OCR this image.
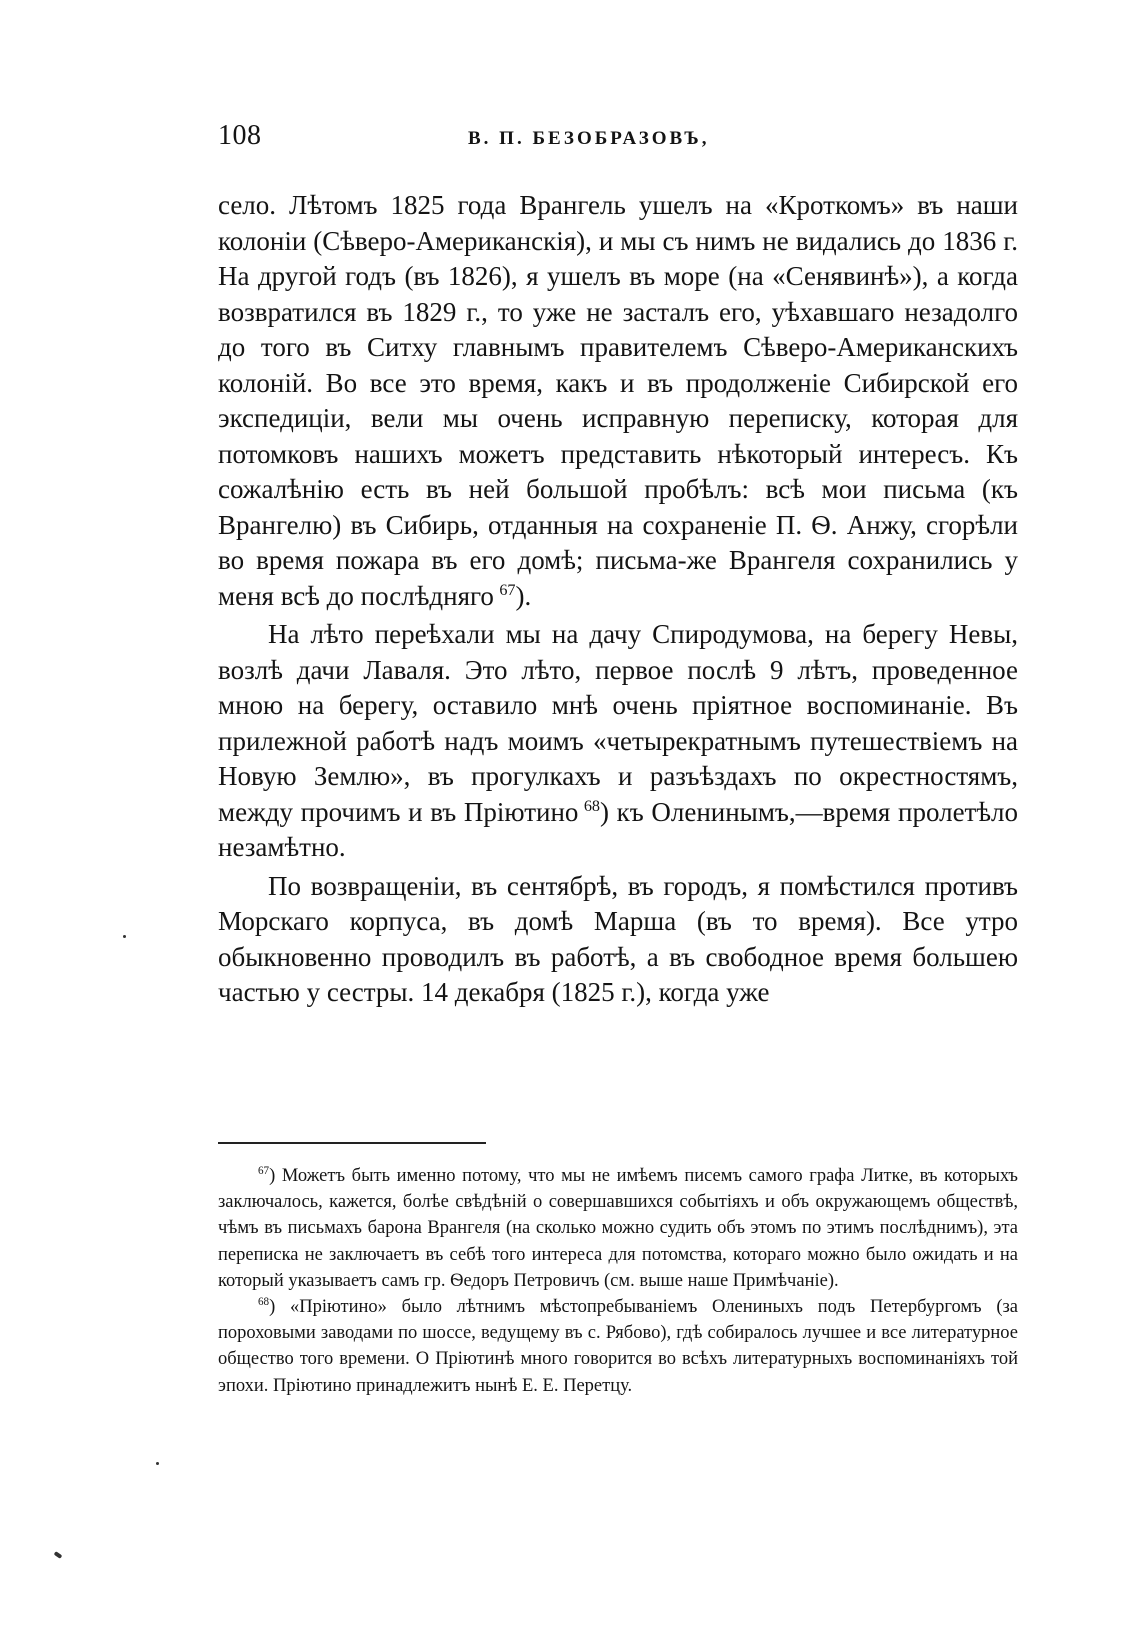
108	В. П. БЕЗОБРАЗОВЪ,

село. Лѣтомъ 1825 года Врангель ушелъ на «Кроткомъ» въ наши колоніи (Сѣверо-Американскія), и мы съ нимъ не видались до 1836 г. На другой годъ (въ 1826), я ушелъ въ море (на «Сенявинѣ»), а когда возвратился въ 1829 г., то уже не засталъ его, уѣхавшаго незадолго до того въ Ситху главнымъ правителемъ Сѣверо-Американскихъ колоній. Во все это время, какъ и въ продолженіе Сибирской его экспедиціи, вели мы очень исправную переписку, которая для потомковъ нашихъ можетъ представить нѣкоторый интересъ. Къ сожалѣнію есть въ ней большой пробѣлъ: всѣ мои письма (къ Врангелю) въ Сибирь, отданныя на сохраненіе П. Ѳ. Анжу, сгорѣли во время пожара въ его домѣ; письма-же Врангеля сохранились у меня всѣ до послѣдняго  $^{67}$).

На лѣто переѣхали мы на дачу Спиродумова, на берегу Невы, возлѣ дачи Лаваля. Это лѣто, первое послѣ 9 лѣтъ, проведенное мною на берегу, оставило мнѣ очень пріятное воспоминаніе. Въ прилежной работѣ надъ моимъ «четырекратнымъ путешествіемъ на Новую Землю», въ прогулкахъ и разъѣздахъ по окрестностямъ, между прочимъ и въ Пріютино  $^{68}$) къ Оленинымъ,—время пролетѣло незамѣтно.

По возвращеніи, въ сентябрѣ, въ городъ, я помѣстился противъ Морскаго корпуса, въ домѣ Марша (въ то время). Все утро обыкновенно проводилъ въ работѣ, а въ свободное время большею частью у сестры. 14 декабря (1825 г.), когда уже

$^{67}$) Можетъ быть именно потому, что мы не имѣемъ писемъ самого графа Литке, въ которыхъ заключалось, кажется, болѣе свѣдѣній о совершавшихся событіяхъ и объ окружающемъ обществѣ, чѣмъ въ письмахъ барона Врангеля (на сколько можно судить объ этомъ по этимъ послѣднимъ), эта переписка не заключаетъ въ себѣ того интереса для потомства, котораго можно было ожидать и на который указываетъ самъ гр. Ѳедоръ Петровичъ (см. выше наше Примѣчаніе).

$^{68}$) «Пріютино» было лѣтнимъ мѣстопребываніемъ Олениныхъ подъ Петербургомъ (за пороховыми заводами по шоссе, ведущему въ с. Рябово), гдѣ собиралось лучшее и все литературное общество того времени. О Пріютинѣ много говорится во всѣхъ литературныхъ воспоминаніяхъ той эпохи. Пріютино принадлежитъ нынѣ Е. Е. Перетцу.
